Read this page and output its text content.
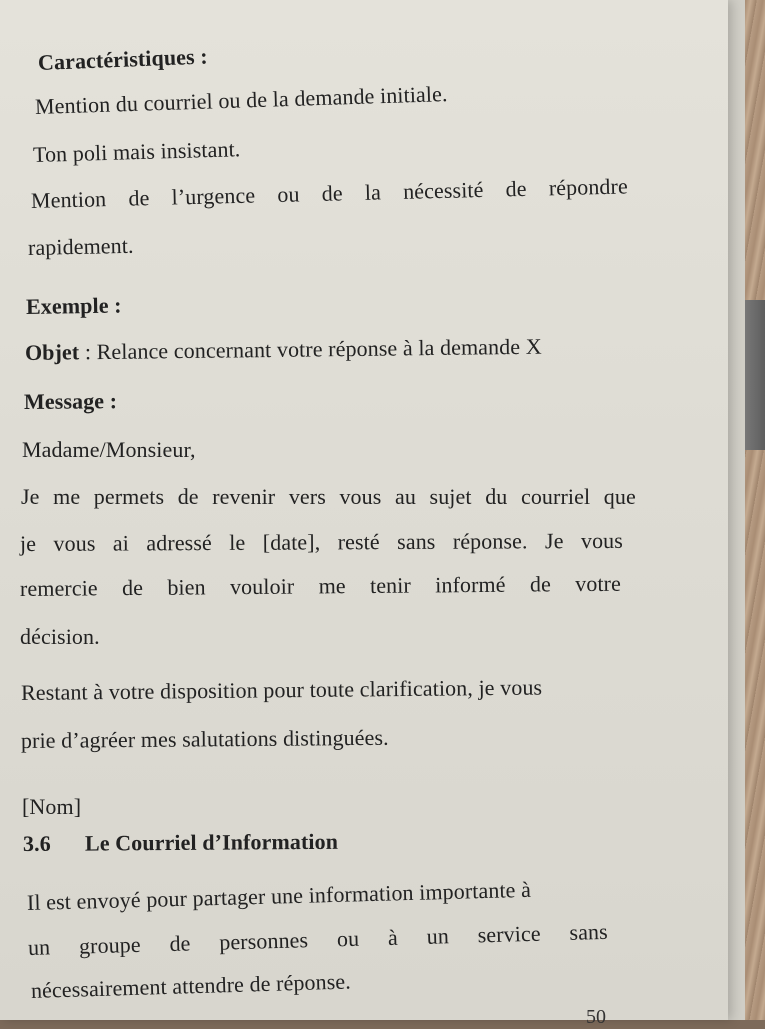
Caractéristiques :
Mention du courriel ou de la demande initiale.
Ton poli mais insistant.
Mention de l’urgence ou de la nécessité de répondre
rapidement.
Exemple :
Objet : Relance concernant votre réponse à la demande X
Message :
Madame/Monsieur,
Je me permets de revenir vers vous au sujet du courriel que
je vous ai adressé le [date], resté sans réponse. Je vous
remercie de bien vouloir me tenir informé de votre
décision.
Restant à votre disposition pour toute clarification, je vous
prie d’agréer mes salutations distinguées.
[Nom]
3.6 Le Courriel d’Information
Il est envoyé pour partager une information importante à
un groupe de personnes ou à un service sans
nécessairement attendre de réponse.
50
